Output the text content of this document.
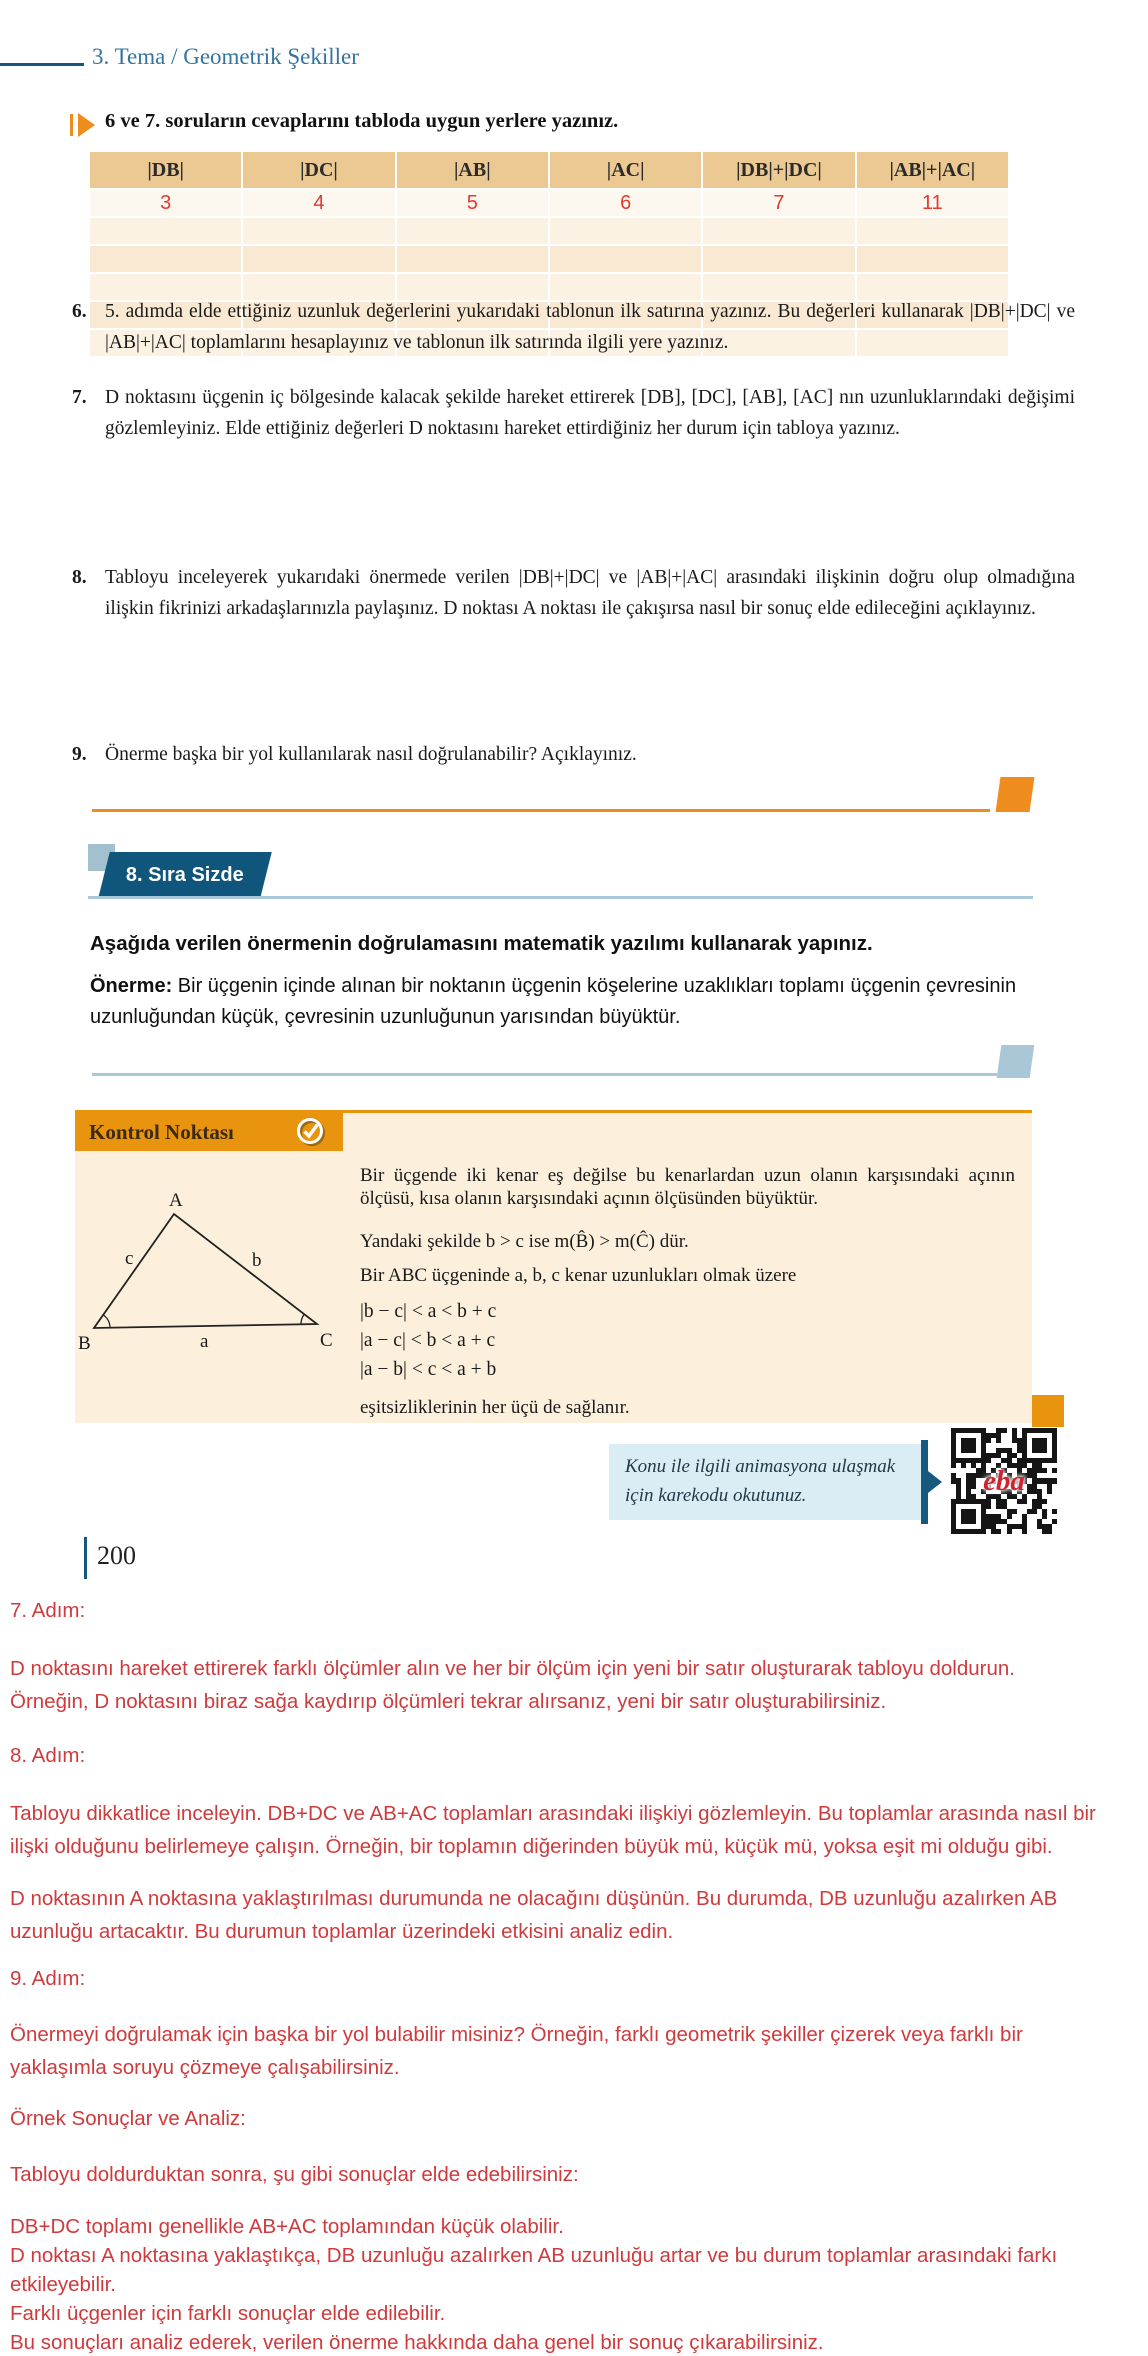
3. Tema / Geometrik Şekiller
6 ve 7. soruların cevaplarını tabloda uygun yerlere yazınız.
|DB|	|DC|	|AB|	|AC|	|DB|+|DC|	|AB|+|AC|
3	4	5	6	7	11
6. 5. adımda elde ettiğiniz uzunluk değerlerini yukarıdaki tablonun ilk satırına yazınız. Bu değerleri kullanarak |DB|+|DC| ve |AB|+|AC| toplamlarını hesaplayınız ve tablonun ilk satırında ilgili yere yazınız.
7. D noktasını üçgenin iç bölgesinde kalacak şekilde hareket ettirerek [DB], [DC], [AB], [AC] nın uzunluklarındaki değişimi gözlemleyiniz. Elde ettiğiniz değerleri D noktasını hareket ettirdiğiniz her durum için tabloya yazınız.
8. Tabloyu inceleyerek yukarıdaki önermede verilen |DB|+|DC| ve |AB|+|AC| arasındaki ilişkinin doğru olup olmadığına ilişkin fikrinizi arkadaşlarınızla paylaşınız. D noktası A noktası ile çakışırsa nasıl bir sonuç elde edileceğini açıklayınız.
9. Önerme başka bir yol kullanılarak nasıl doğrulanabilir? Açıklayınız.
8. Sıra Sizde
Aşağıda verilen önermenin doğrulamasını matematik yazılımı kullanarak yapınız.
Önerme: Bir üçgenin içinde alınan bir noktanın üçgenin köşelerine uzaklıkları toplamı üçgenin çevresinin uzunluğundan küçük, çevresinin uzunluğunun yarısından büyüktür.
Kontrol Noktası
A
B	C
a
b
c

Bir üçgende iki kenar eş değilse bu kenarlardan uzun olanın karşısındaki açının ölçüsü, kısa olanın karşısındaki açının ölçüsünden büyüktür.

Yandaki şekilde b > c ise m(B̂) > m(Ĉ) dür.

Bir ABC üçgeninde a, b, c kenar uzunlukları olmak üzere

|b − c| < a < b + c

|a − c| < b < a + c

|a − b| < c < a + b

eşitsizliklerinin her üçü de sağlanır.

Konu ile ilgili animasyona ulaşmak
için karekodu okutunuz.	eba
200
7. Adım:
D noktasını hareket ettirerek farklı ölçümler alın ve her bir ölçüm için yeni bir satır oluşturarak tabloyu doldurun.
Örneğin, D noktasını biraz sağa kaydırıp ölçümleri tekrar alırsanız, yeni bir satır oluşturabilirsiniz.
8. Adım:
Tabloyu dikkatlice inceleyin. DB+DC ve AB+AC toplamları arasındaki ilişkiyi gözlemleyin. Bu toplamlar arasında nasıl bir
ilişki olduğunu belirlemeye çalışın. Örneğin, bir toplamın diğerinden büyük mü, küçük mü, yoksa eşit mi olduğu gibi.
D noktasının A noktasına yaklaştırılması durumunda ne olacağını düşünün. Bu durumda, DB uzunluğu azalırken AB
uzunluğu artacaktır. Bu durumun toplamlar üzerindeki etkisini analiz edin.
9. Adım:
Önermeyi doğrulamak için başka bir yol bulabilir misiniz? Örneğin, farklı geometrik şekiller çizerek veya farklı bir
yaklaşımla soruyu çözmeye çalışabilirsiniz.
Örnek Sonuçlar ve Analiz:
Tabloyu doldurduktan sonra, şu gibi sonuçlar elde edebilirsiniz:
DB+DC toplamı genellikle AB+AC toplamından küçük olabilir.
D noktası A noktasına yaklaştıkça, DB uzunluğu azalırken AB uzunluğu artar ve bu durum toplamlar arasındaki farkı
etkileyebilir.
Farklı üçgenler için farklı sonuçlar elde edilebilir.
Bu sonuçları analiz ederek, verilen önerme hakkında daha genel bir sonuç çıkarabilirsiniz.
